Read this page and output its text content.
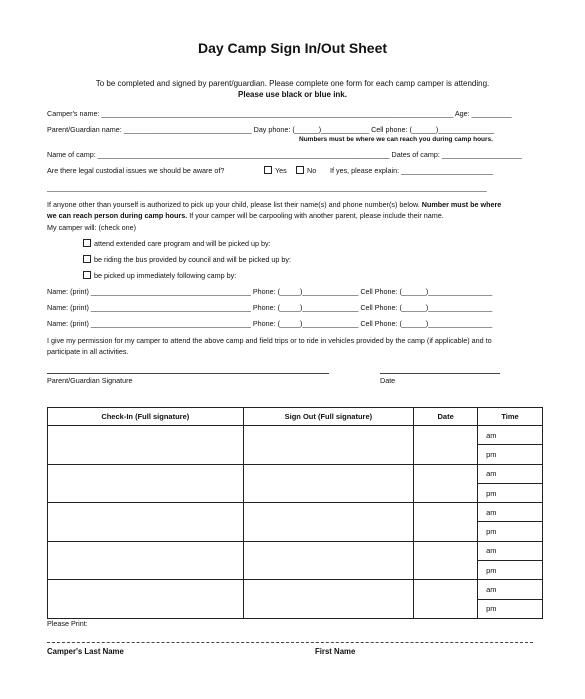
Day Camp Sign In/Out Sheet
To be completed and signed by parent/guardian. Please complete one form for each camp camper is attending.
Please use black or blue ink.
Camper's name: ________________________________________________________________________________________ Age: __________
Parent/Guardian name: ________________________________ Day phone: (______)____________ Cell phone: (______)______________
Numbers must be where we can reach you during camp hours.
Name of camp: _________________________________________________________________________ Dates of camp: ____________________
Are there legal custodial issues we should be aware of?	Yes	No If yes, please explain: _______________________
______________________________________________________________________________________________________________
If anyone other than yourself is authorized to pick up your child, please list their name(s) and phone number(s) below. Number must be where
we can reach person during camp hours. If your camper will be carpooling with another parent, please include their name.
My camper will: (check one)
attend extended care program and will be picked up by:
be riding the bus provided by council and will be picked up by:
be picked up immediately following camp by:
Name: (print) ________________________________________ Phone: (_____)______________ Cell Phone: (______)________________
Name: (print) ________________________________________ Phone: (_____)______________ Cell Phone: (______)________________
Name: (print) ________________________________________ Phone: (_____)______________ Cell Phone: (______)________________
I give my permission for my camper to attend the above camp and field trips or to ride in vehicles provided by the camp (if applicable) and to
participate in all activities.
Parent/Guardian Signature	Date
Check-In (Full signature)	Sign Out (Full signature)	Date	Time
			am
			pm
			am
			pm
			am
			pm
			am
			pm
			am
			pm
Please Print:
Camper's Last Name	First Name
